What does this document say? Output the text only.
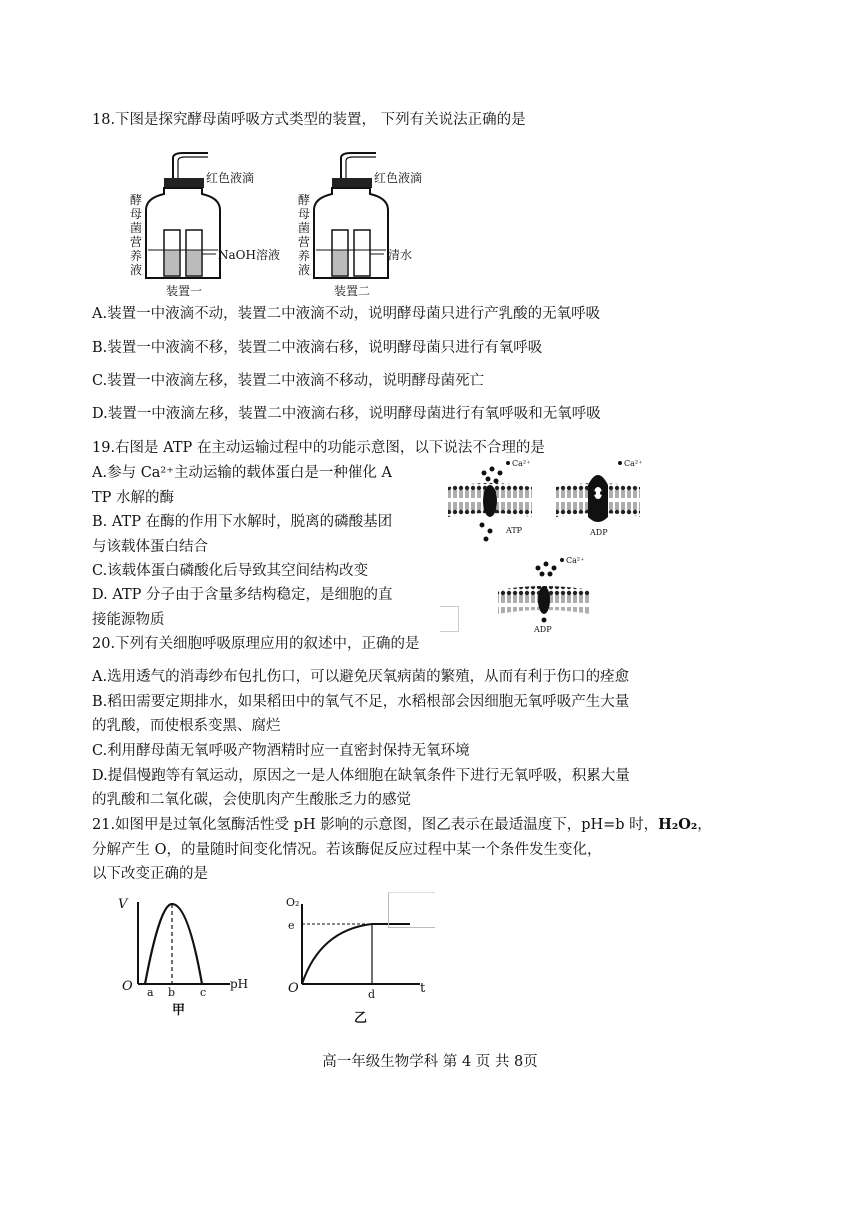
18.下图是探究酵母菌呼吸方式类型的装置， 下列有关说法正确的是
酵母菌营养液
红色液滴
NaOH溶液
装置一
酵母菌营养液
红色液滴
清水
装置二
A.装置一中液滴不动，装置二中液滴不动，说明酵母菌只进行产乳酸的无氧呼吸
B.装置一中液滴不移，装置二中液滴右移，说明酵母菌只进行有氧呼吸
C.装置一中液滴左移，装置二中液滴不移动，说明酵母菌死亡
D.装置一中液滴左移，装置二中液滴右移，说明酵母菌进行有氧呼吸和无氧呼吸
19.右图是 ATP 在主动运输过程中的功能示意图，以下说法不合理的是
A.参与 Ca²⁺主动运输的载体蛋白是一种催化 A
TP 水解的酶
B. ATP 在酶的作用下水解时，脱离的磷酸基团
与该载体蛋白结合
C.该载体蛋白磷酸化后导致其空间结构改变
D. ATP 分子由于含量多结构稳定，是细胞的直
接能源物质
Ca²⁺
ATP
Ca²⁺
ADP
Ca²⁺
ADP
20.下列有关细胞呼吸原理应用的叙述中，正确的是
A.选用透气的消毒纱布包扎伤口，可以避免厌氧病菌的繁殖，从而有利于伤口的痊愈
B.稻田需要定期排水，如果稻田中的氧气不足，水稻根部会因细胞无氧呼吸产生大量
的乳酸，而使根系变黑、腐烂
C.利用酵母菌无氧呼吸产物酒精时应一直密封保持无氧环境
D.提倡慢跑等有氧运动，原因之一是人体细胞在缺氧条件下进行无氧呼吸，积累大量
的乳酸和二氧化碳，会使肌肉产生酸胀乏力的感觉
21.如图甲是过氧化氢酶活性受 pH 影响的示意图，图乙表示在最适温度下，pH=b 时，H₂O₂，
分解产生 O，的量随时间变化情况。若该酶促反应过程中某一个条件发生变化，
以下改变正确的是
V
O	pH
a b c
甲
O₂
e
O	d	t
乙
高一年级生物学科 第 4 页 共 8页
